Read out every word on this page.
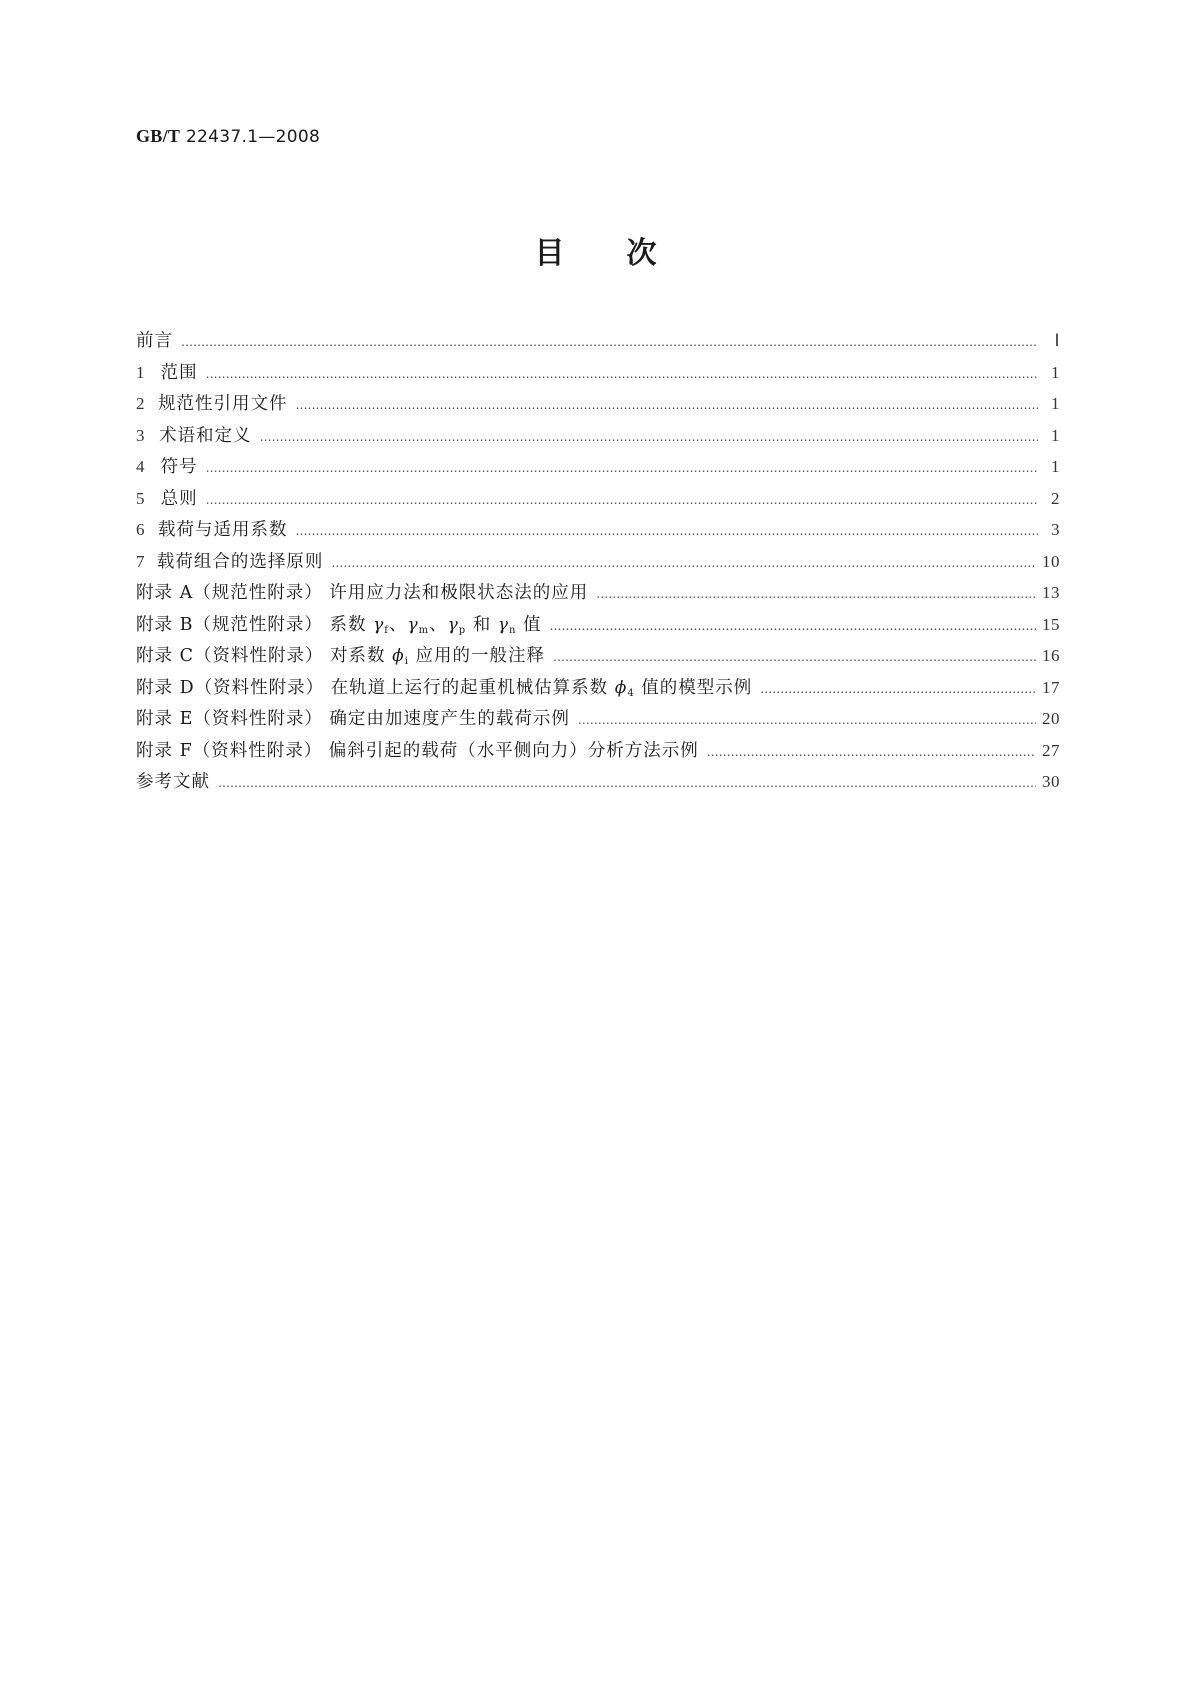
GB/T 22437.1—2008
目次
前言 ………………………………………………………………………………………………………………………………………………………………………………………………………………………………………………	Ⅰ
1 范围 ………………………………………………………………………………………………………………………………………………………………………………………………………………………………………………	1
2 规范性引用文件 ………………………………………………………………………………………………………………………………………………………………………………………………………………………………………………	1
3 术语和定义 ………………………………………………………………………………………………………………………………………………………………………………………………………………………………………………	1
4 符号 ………………………………………………………………………………………………………………………………………………………………………………………………………………………………………………	1
5 总则 ………………………………………………………………………………………………………………………………………………………………………………………………………………………………………………	2
6 载荷与适用系数 ………………………………………………………………………………………………………………………………………………………………………………………………………………………………………………	3
7 载荷组合的选择原则 ………………………………………………………………………………………………………………………………………………………………………………………………………………………………………………	10
附录 A（规范性附录） 许用应力法和极限状态法的应用 ………………………………………………………………………………………………………………………………………………………………………………………………………………………………………………	13
附录 B（规范性附录） 系数 $\gamma_f$、$\gamma_m$、$\gamma_p$ 和 $\gamma_n$ 值 ………………………………………………………………………………………………………………………………………………………………………………………………………………………………………………	15
附录 C（资料性附录） 对系数 $\phi_i$ 应用的一般注释 ………………………………………………………………………………………………………………………………………………………………………………………………………………………………………………	16
附录 D（资料性附录） 在轨道上运行的起重机械估算系数 $\phi_4$ 值的模型示例 ………………………………………………………………………………………………………………………………………………………………………………………………………………………………………………	17
附录 E（资料性附录） 确定由加速度产生的载荷示例 ………………………………………………………………………………………………………………………………………………………………………………………………………………………………………………	20
附录 F（资料性附录） 偏斜引起的载荷（水平侧向力）分析方法示例 ………………………………………………………………………………………………………………………………………………………………………………………………………………………………………………	27
参考文献 ………………………………………………………………………………………………………………………………………………………………………………………………………………………………………………	30
